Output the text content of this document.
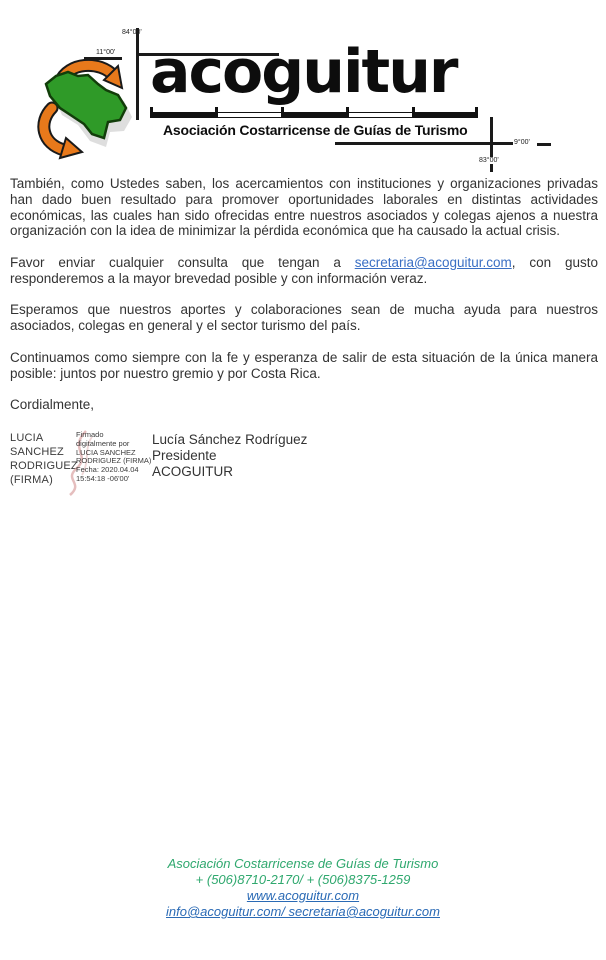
84°00'
11°00' acoguitur
Asociación Costarricense de Guías de Turismo
9°00'
83°00'

También, como Ustedes saben, los acercamientos con instituciones y organizaciones privadas han dado buen resultado para promover oportunidades laborales en distintas actividades económicas, las cuales han sido ofrecidas entre nuestros asociados y colegas ajenos a nuestra organización con la idea de minimizar la pérdida económica que ha causado la actual crisis.

Favor enviar cualquier consulta que tengan a secretaria@acoguitur.com, con gusto responderemos a la mayor brevedad posible y con información veraz.

Esperamos que nuestros aportes y colaboraciones sean de mucha ayuda para nuestros asociados, colegas en general y el sector turismo del país.

Continuamos como siempre con la fe y esperanza de salir de esta situación de la única manera posible: juntos por nuestro gremio y por Costa Rica.

Cordialmente,

LUCIA SANCHEZ RODRIGUEZ (FIRMA)
Firmado
digitalmente por
LUCIA SANCHEZ
RODRIGUEZ (FIRMA)
Fecha: 2020.04.04
15:54:18 -06'00'
Lucía Sánchez Rodríguez
Presidente
ACOGUITUR
Asociación Costarricense de Guías de Turismo
+ (506)8710-2170/ + (506)8375-1259
www.acoguitur.com
info@acoguitur.com/ secretaria@acoguitur.com
